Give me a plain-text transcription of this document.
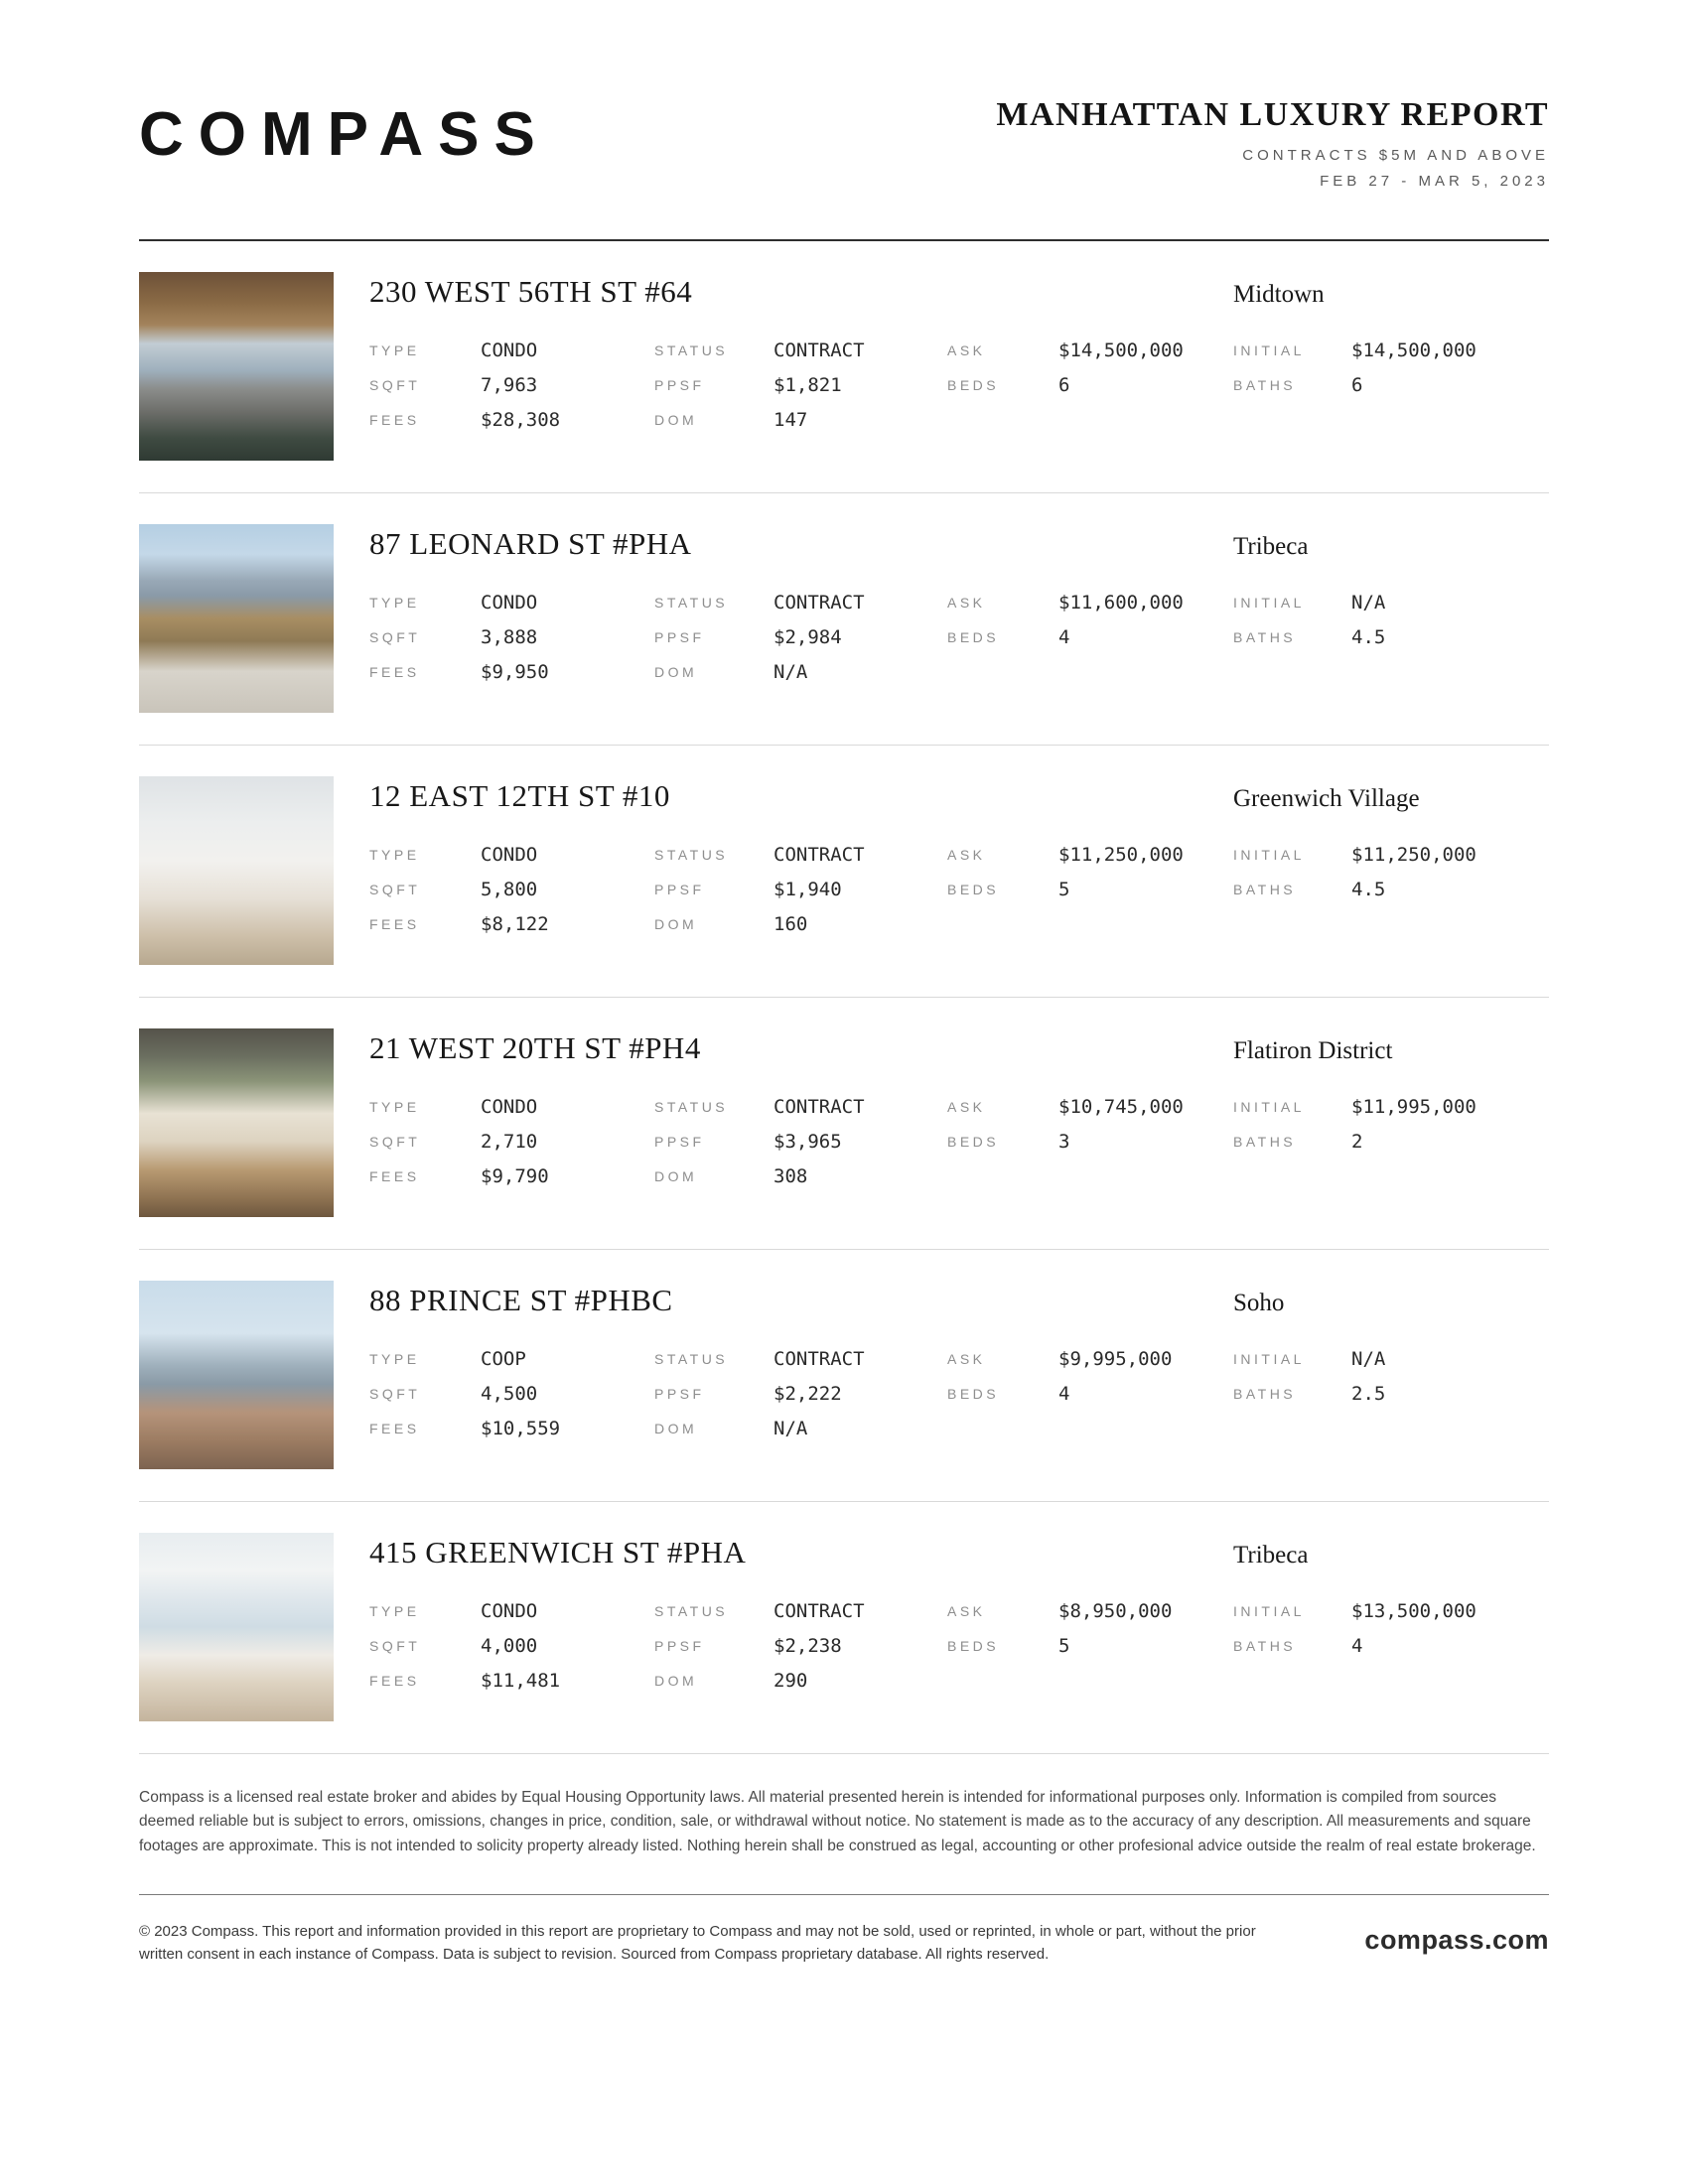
COMPASS	MANHATTAN LUXURY REPORT
CONTRACTS $5M AND ABOVE
FEB 27 - MAR 5, 2023
230 WEST 56TH ST #64	Midtown
TYPE	CONDO	STATUS	CONTRACT	ASK	$14,500,000	INITIAL	$14,500,000
SQFT	7,963	PPSF	$1,821	BEDS	6	BATHS	6
FEES	$28,308	DOM	147
87 LEONARD ST #PHA	Tribeca
TYPE	CONDO	STATUS	CONTRACT	ASK	$11,600,000	INITIAL	N/A
SQFT	3,888	PPSF	$2,984	BEDS	4	BATHS	4.5
FEES	$9,950	DOM	N/A
12 EAST 12TH ST #10	Greenwich Village
TYPE	CONDO	STATUS	CONTRACT	ASK	$11,250,000	INITIAL	$11,250,000
SQFT	5,800	PPSF	$1,940	BEDS	5	BATHS	4.5
FEES	$8,122	DOM	160
21 WEST 20TH ST #PH4	Flatiron District
TYPE	CONDO	STATUS	CONTRACT	ASK	$10,745,000	INITIAL	$11,995,000
SQFT	2,710	PPSF	$3,965	BEDS	3	BATHS	2
FEES	$9,790	DOM	308
88 PRINCE ST #PHBC	Soho
TYPE	COOP	STATUS	CONTRACT	ASK	$9,995,000	INITIAL	N/A
SQFT	4,500	PPSF	$2,222	BEDS	4	BATHS	2.5
FEES	$10,559	DOM	N/A
415 GREENWICH ST #PHA	Tribeca
TYPE	CONDO	STATUS	CONTRACT	ASK	$8,950,000	INITIAL	$13,500,000
SQFT	4,000	PPSF	$2,238	BEDS	5	BATHS	4
FEES	$11,481	DOM	290

Compass is a licensed real estate broker and abides by Equal Housing Opportunity laws. All material presented herein is intended for informational purposes only. Information is compiled from sources deemed reliable but is subject to errors, omissions, changes in price, condition, sale, or withdrawal without notice. No statement is made as to the accuracy of any description. All measurements and square footages are approximate. This is not intended to solicity property already listed. Nothing herein shall be construed as legal, accounting or other profesional advice outside the realm of real estate brokerage.

© 2023 Compass. This report and information provided in this report are proprietary to Compass and may not be sold, used or reprinted, in whole or part, without the prior written consent in each instance of Compass. Data is subject to revision. Sourced from Compass proprietary database. All rights reserved.	compass.com
